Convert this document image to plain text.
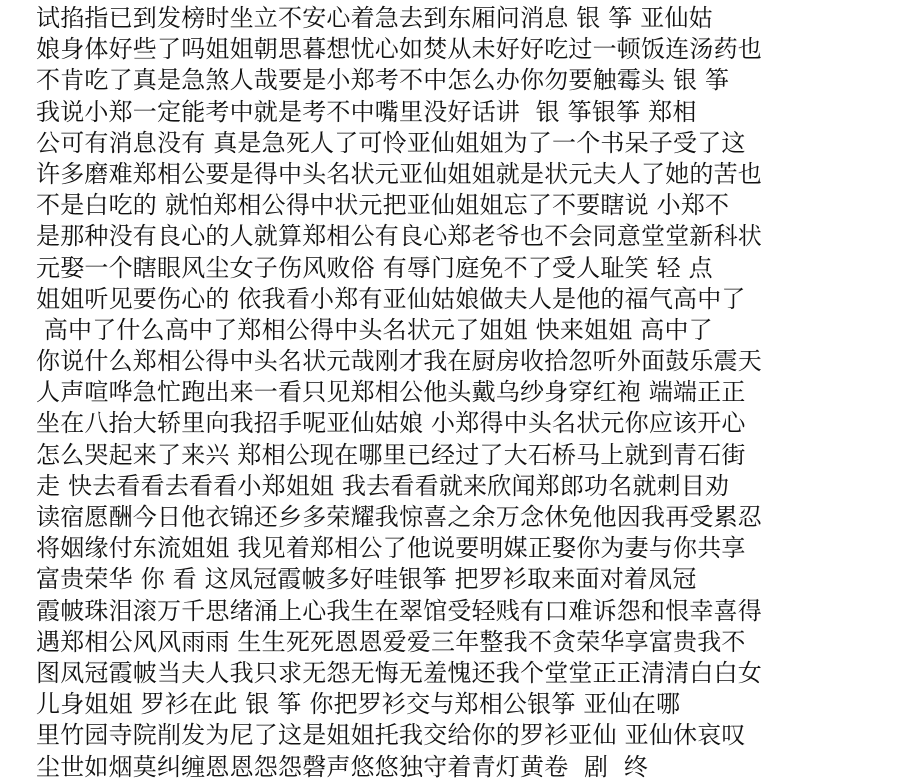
试掐指已到发榜时坐立不安心着急去到东厢问消息 银 筝 亚仙姑
娘身体好些了吗姐姐朝思暮想忧心如焚从未好好吃过一顿饭连汤药也
不肯吃了真是急煞人哉要是小郑考不中怎么办你勿要触霉头 银 筝
我说小郑一定能考中就是考不中嘴里没好话讲  银 筝银筝 郑相
公可有消息没有 真是急死人了可怜亚仙姐姐为了一个书呆子受了这
许多磨难郑相公要是得中头名状元亚仙姐姐就是状元夫人了她的苦也
不是白吃的 就怕郑相公得中状元把亚仙姐姐忘了不要瞎说 小郑不
是那种没有良心的人就算郑相公有良心郑老爷也不会同意堂堂新科状
元娶一个瞎眼风尘女子伤风败俗 有辱门庭免不了受人耻笑 轻 点
姐姐听见要伤心的 依我看小郑有亚仙姑娘做夫人是他的福气高中了
高中了什么高中了郑相公得中头名状元了姐姐 快来姐姐 高中了
你说什么郑相公得中头名状元哉刚才我在厨房收拾忽听外面鼓乐震天
人声喧哗急忙跑出来一看只见郑相公他头戴乌纱身穿红袍 端端正正
坐在八抬大轿里向我招手呢亚仙姑娘 小郑得中头名状元你应该开心
怎么哭起来了来兴 郑相公现在哪里已经过了大石桥马上就到青石街
走 快去看看去看看小郑姐姐 我去看看就来欣闻郑郎功名就刺目劝
读宿愿酬今日他衣锦还乡多荣耀我惊喜之余万念休免他因我再受累忍
将姻缘付东流姐姐 我见着郑相公了他说要明媒正娶你为妻与你共享
富贵荣华 你 看 这凤冠霞帔多好哇银筝 把罗衫取来面对着凤冠
霞帔珠泪滚万千思绪涌上心我生在翠馆受轻贱有口难诉怨和恨幸喜得
遇郑相公风风雨雨 生生死死恩恩爱爱三年整我不贪荣华享富贵我不
图凤冠霞帔当夫人我只求无怨无悔无羞愧还我个堂堂正正清清白白女
儿身姐姐 罗衫在此 银 筝 你把罗衫交与郑相公银筝 亚仙在哪
里竹园寺院削发为尼了这是姐姐托我交给你的罗衫亚仙 亚仙休哀叹
尘世如烟莫纠缠恩恩怨怨磬声悠悠独守着青灯黄卷  剧  终
